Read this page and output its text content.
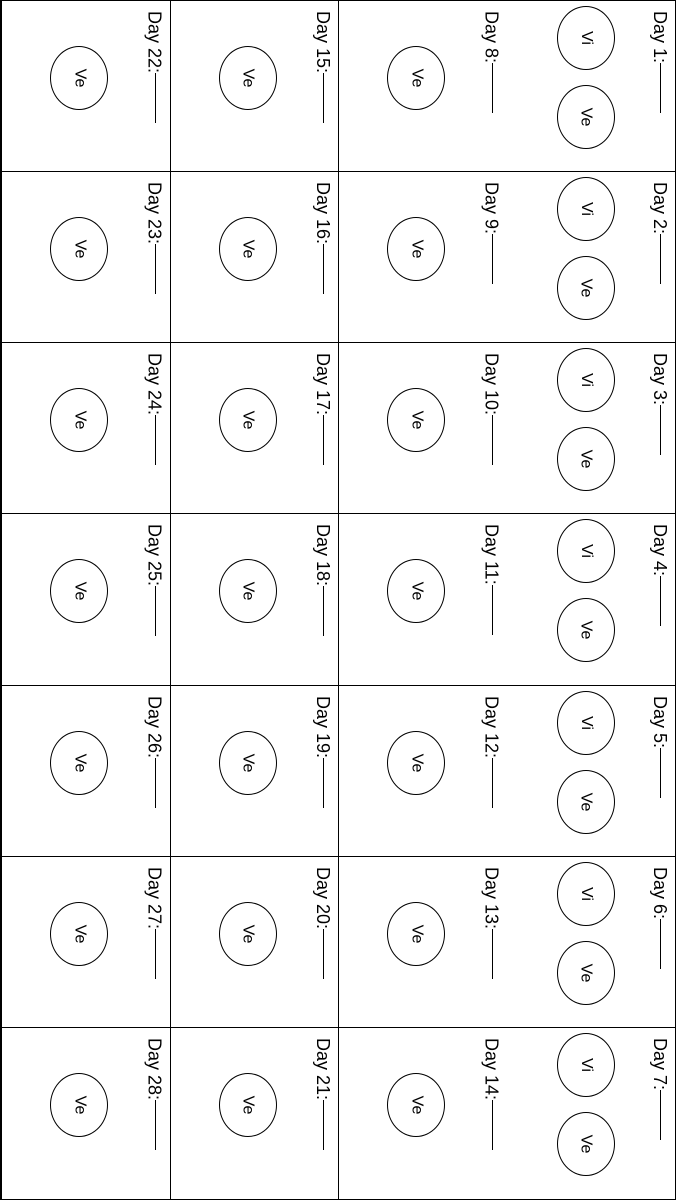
Day 22:
Ve
Day 15:
Ve
Day 8:
Ve
Day 1:
Vi
Ve
Day 23:
Ve
Day 16:
Ve
Day 9:
Ve
Day 2:
Vi
Ve
Day 24:
Ve
Day 17:
Ve
Day 10:
Ve
Day 3:
Vi
Ve
Day 25:
Ve
Day 18:
Ve
Day 11:
Ve
Day 4:
Vi
Ve
Day 26:
Ve
Day 19:
Ve
Day 12:
Ve
Day 5:
Vi
Ve
Day 27:
Ve
Day 20:
Ve
Day 13:
Ve
Day 6:
Vi
Ve
Day 28:
Ve
Day 21:
Ve
Day 14:
Ve
Day 7:
Vi
Ve
